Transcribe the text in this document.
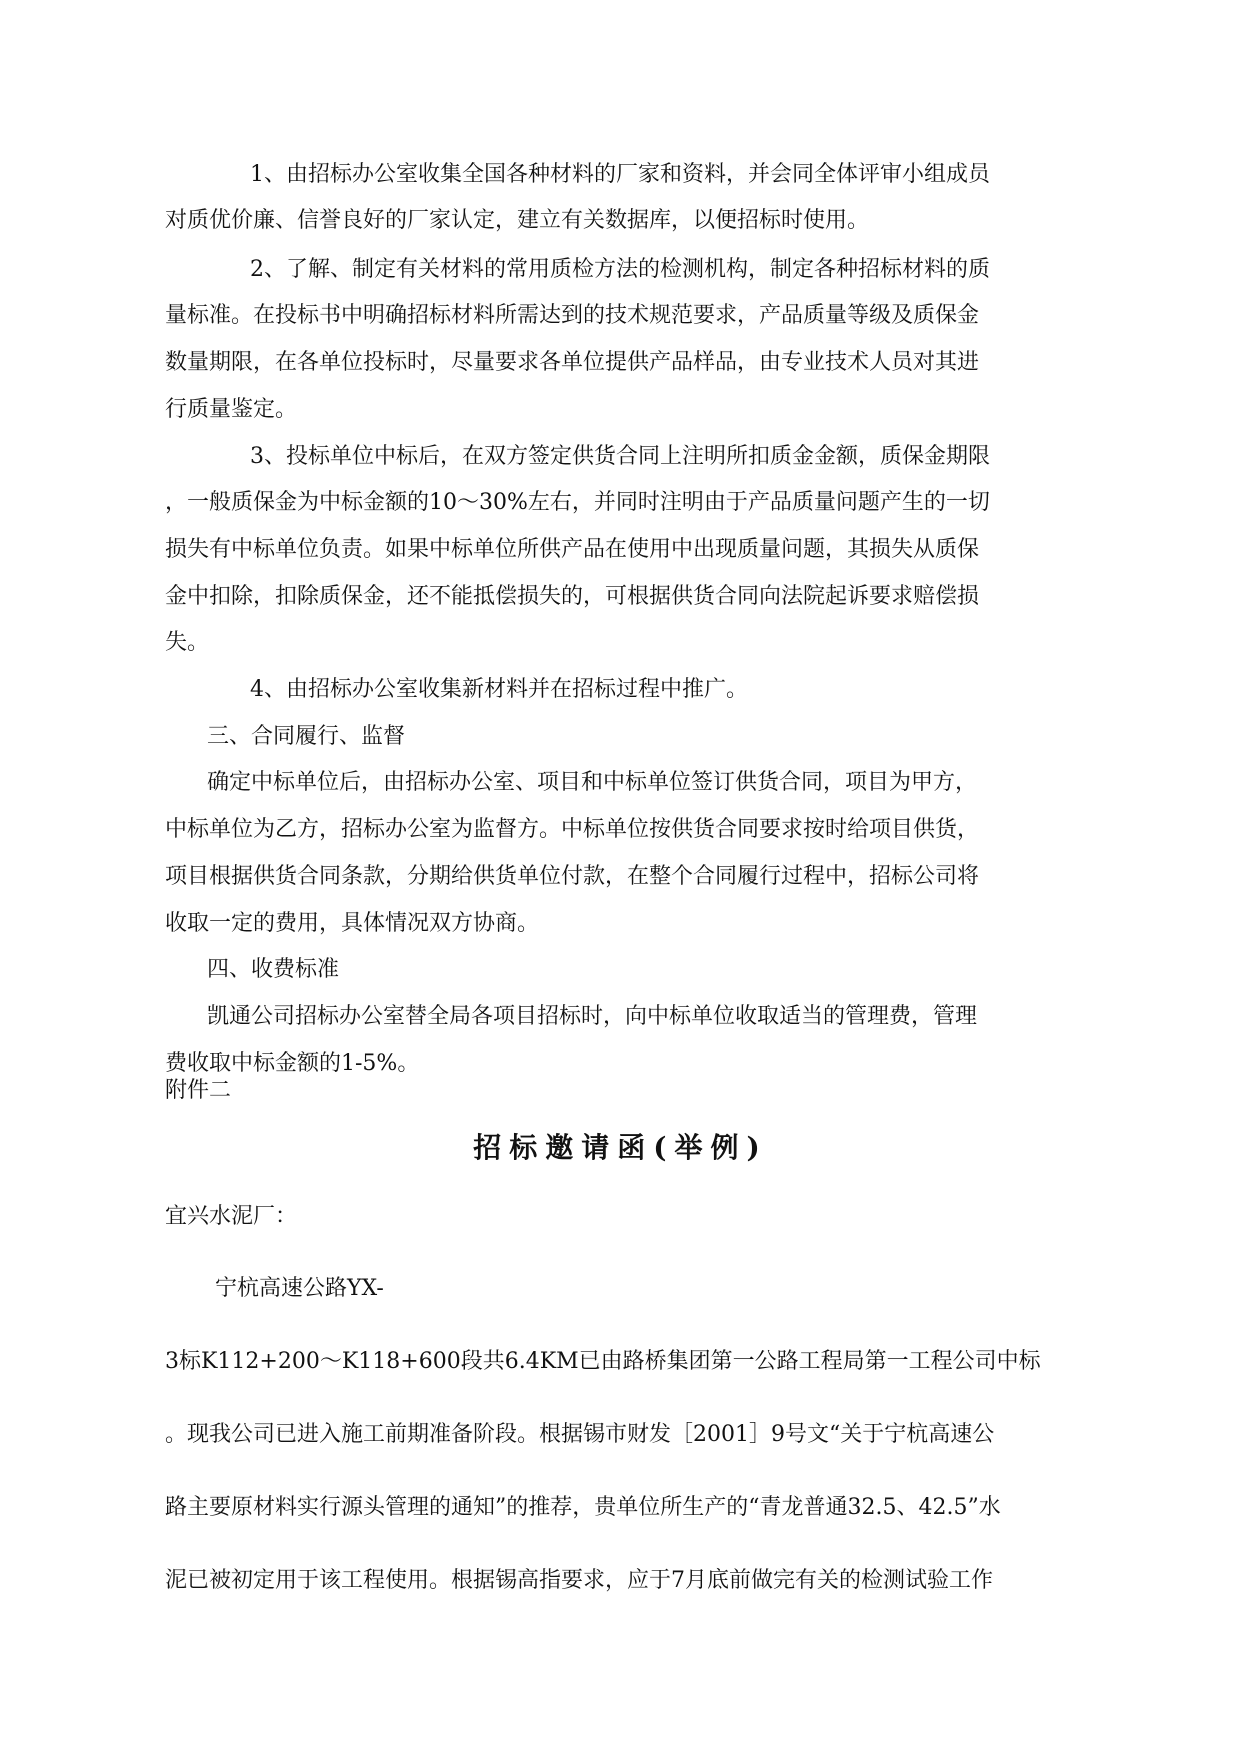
1、由招标办公室收集全国各种材料的厂家和资料，并会同全体评审小组成员
对质优价廉、信誉良好的厂家认定，建立有关数据库，以便招标时使用。
2、了解、制定有关材料的常用质检方法的检测机构，制定各种招标材料的质
量标准。在投标书中明确招标材料所需达到的技术规范要求，产品质量等级及质保金
数量期限，在各单位投标时，尽量要求各单位提供产品样品，由专业技术人员对其进
行质量鉴定。
3、投标单位中标后，在双方签定供货合同上注明所扣质金金额，质保金期限
，一般质保金为中标金额的10～30%左右，并同时注明由于产品质量问题产生的一切
损失有中标单位负责。如果中标单位所供产品在使用中出现质量问题，其损失从质保
金中扣除，扣除质保金，还不能抵偿损失的，可根据供货合同向法院起诉要求赔偿损
失。
4、由招标办公室收集新材料并在招标过程中推广。
三、合同履行、监督
确定中标单位后，由招标办公室、项目和中标单位签订供货合同，项目为甲方，
中标单位为乙方，招标办公室为监督方。中标单位按供货合同要求按时给项目供货，
项目根据供货合同条款，分期给供货单位付款，在整个合同履行过程中，招标公司将
收取一定的费用，具体情况双方协商。
四、收费标准
凯通公司招标办公室替全局各项目招标时，向中标单位收取适当的管理费，管理
费收取中标金额的1-5%。
附件二
招标邀请函(举例)
宜兴水泥厂：
宁杭高速公路YX-
3标K112+200～K118+600段共6.4KM已由路桥集团第一公路工程局第一工程公司中标
。现我公司已进入施工前期准备阶段。根据锡市财发［2001］9号文“关于宁杭高速公
路主要原材料实行源头管理的通知”的推荐，贵单位所生产的“青龙普通32.5、42.5”水
泥已被初定用于该工程使用。根据锡高指要求，应于7月底前做完有关的检测试验工作
